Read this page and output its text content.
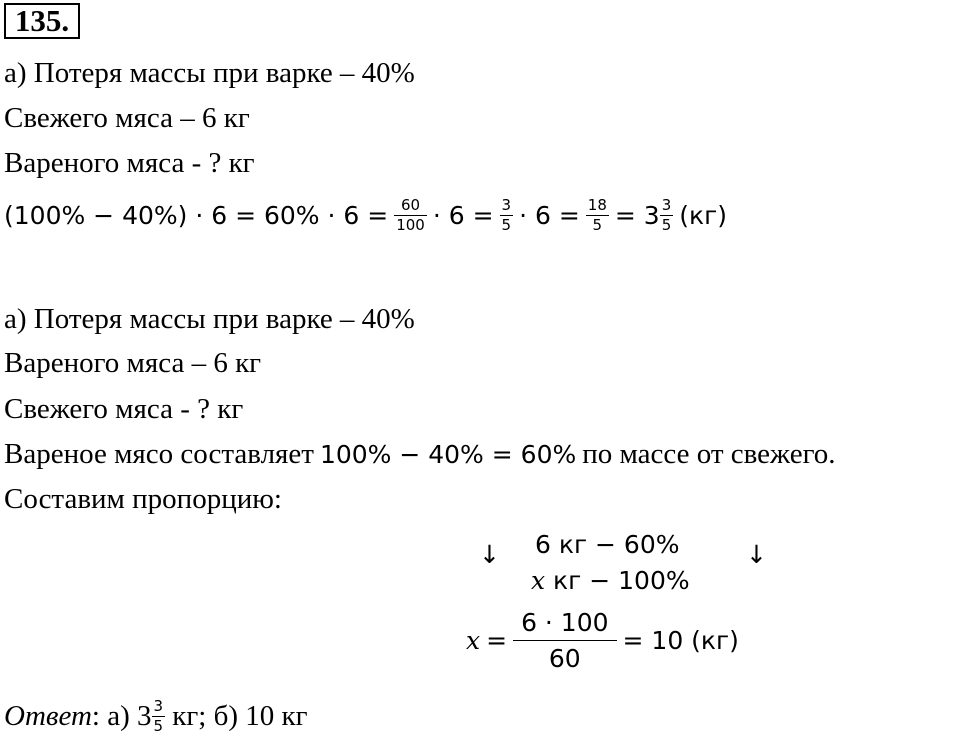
135.
а) Потеря массы при варке – 40%
Свежего мяса – 6 кг
Вареного мяса - ? кг
$(100\% - 40\%) \cdot 6 = 60\% \cdot 6 = \frac{60}{100} \cdot 6 = \frac{3}{5} \cdot 6 = \frac{18}{5} = 3 \frac{3}{5} (кг)$
а) Потеря массы при варке – 40%
Вареного мяса – 6 кг
Свежего мяса - ? кг
Вареное мясо составляет 100% − 40% = 60% по массе от свежего.
Составим пропорцию:
↓	↓
6 кг − 60%
x кг − 100%
$x = \frac{6 \cdot 100}{60} = 10$ (кг)
Ответ : а) $3 \frac{3}{5}$ кг; б) 10 кг
